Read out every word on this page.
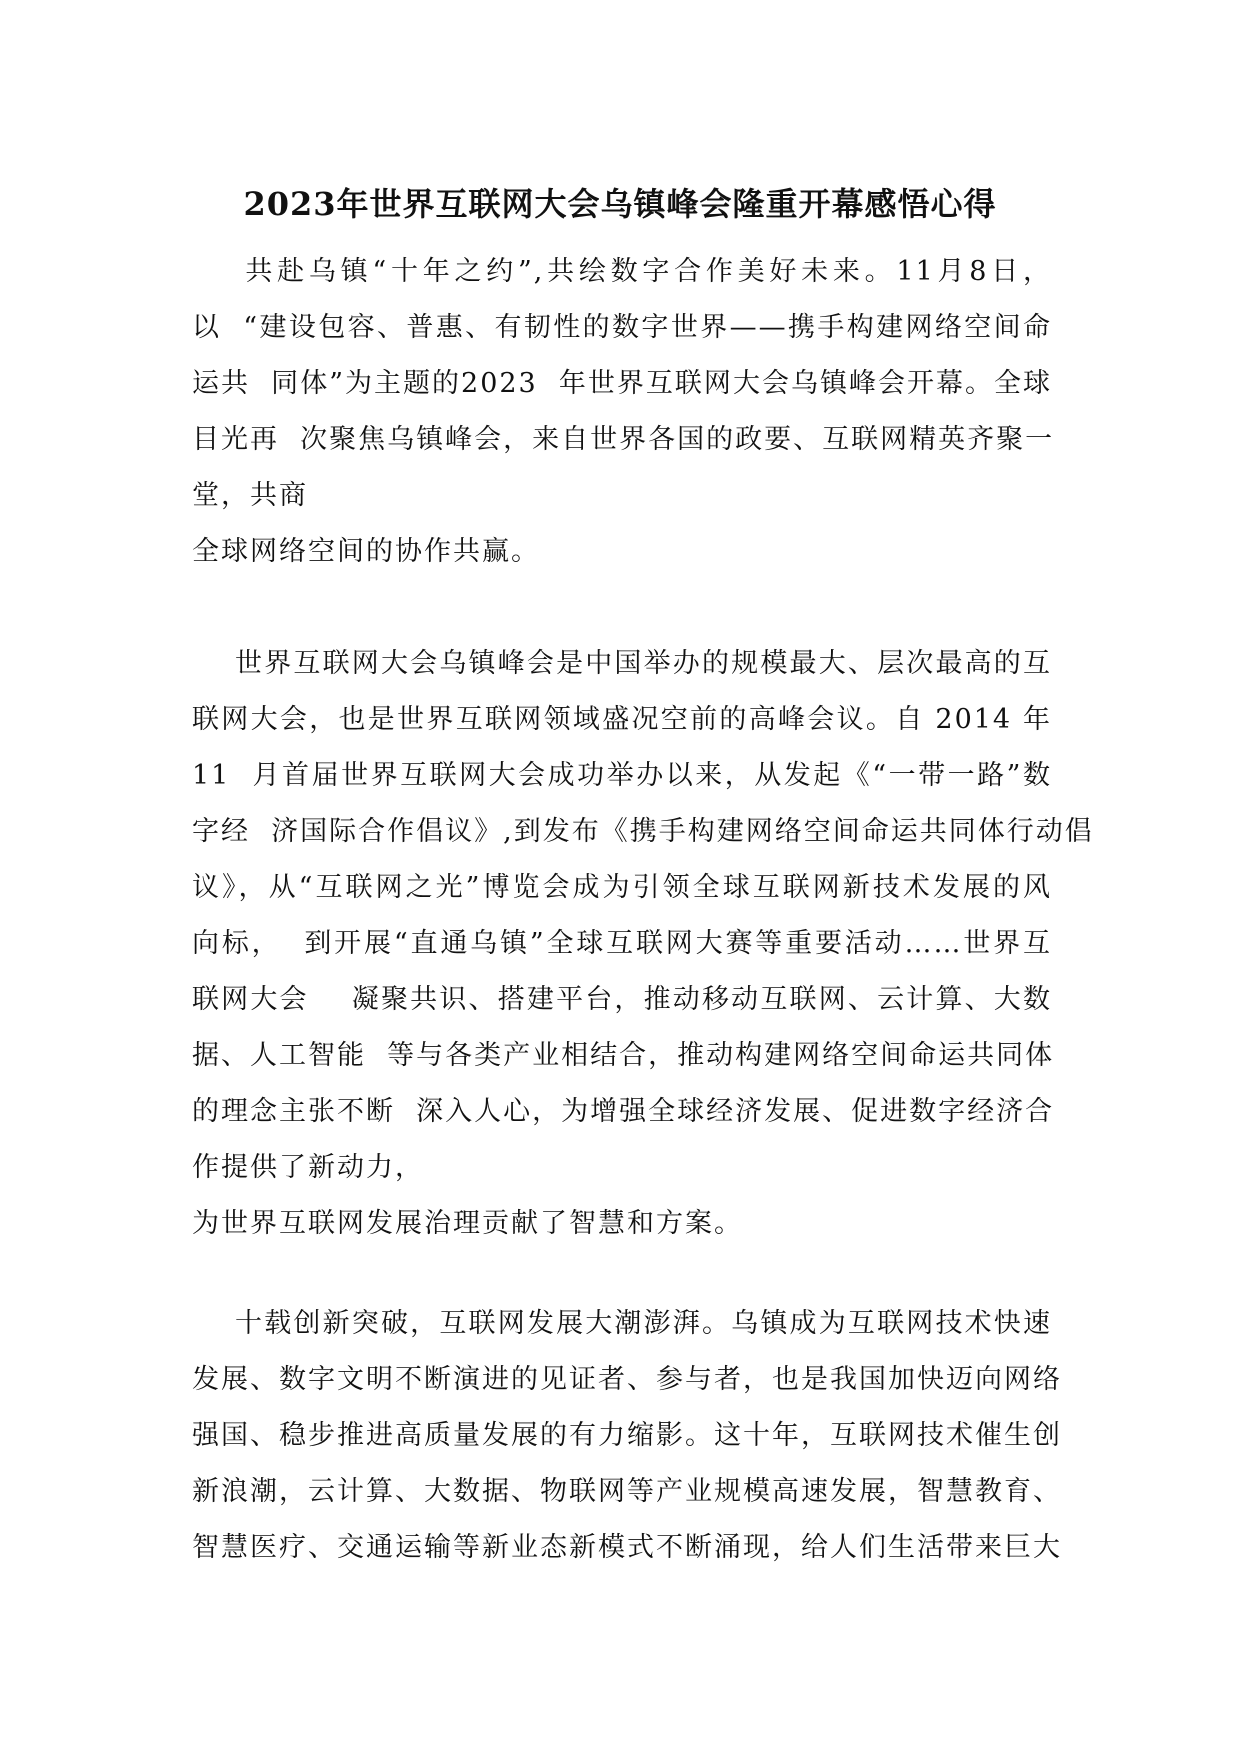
2023年世界互联网大会乌镇峰会隆重开幕感悟心得
共赴乌镇“十年之约”,共绘数字合作美好未来。11月8日，
以  “建设包容、普惠、有韧性的数字世界——携手构建网络空间命
运共  同体”为主题的2023  年世界互联网大会乌镇峰会开幕。全球
目光再  次聚焦乌镇峰会，来自世界各国的政要、互联网精英齐聚一
堂，共商
全球网络空间的协作共赢。
世界互联网大会乌镇峰会是中国举办的规模最大、层次最高的互
联网大会，也是世界互联网领域盛况空前的高峰会议。自 2014 年
11  月首届世界互联网大会成功举办以来，从发起《“一带一路”数
字经  济国际合作倡议》,到发布《携手构建网络空间命运共同体行动倡
议》，从“互联网之光”博览会成为引领全球互联网新技术发展的风
向标，  到开展“直通乌镇”全球互联网大赛等重要活动……世界互
联网大会    凝聚共识、搭建平台，推动移动互联网、云计算、大数
据、人工智能  等与各类产业相结合，推动构建网络空间命运共同体
的理念主张不断  深入人心，为增强全球经济发展、促进数字经济合
作提供了新动力，
为世界互联网发展治理贡献了智慧和方案。
十载创新突破，互联网发展大潮澎湃。乌镇成为互联网技术快速
发展、数字文明不断演进的见证者、参与者，也是我国加快迈向网络
强国、稳步推进高质量发展的有力缩影。这十年，互联网技术催生创
新浪潮，云计算、大数据、物联网等产业规模高速发展，智慧教育、
智慧医疗、交通运输等新业态新模式不断涌现，给人们生活带来巨大
